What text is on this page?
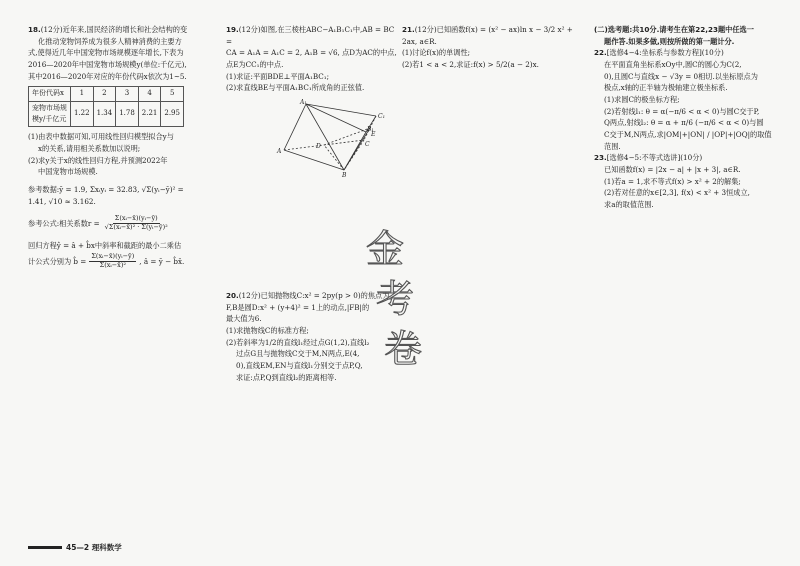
18.(12分)近年来,国民经济的增长和社会结构的变

化推动宠物饲养成为很多人精神消费的主要方

式,使得近几年中国宠物市场规模逐年增长,下表为

2016—2020年中国宠物市场规模y(单位:千亿元),

其中2016—2020年对应的年份代码x依次为1~5.

年份代码x	1	2	3	4	5
宠物市场规
模y/千亿元	1.22	1.34	1.78	2.21	2.95

(1)由表中数据可知,可用线性回归模型拟合y与

x的关系,请用相关系数加以说明;

(2)求y关于x的线性回归方程,并预测2022年

中国宠物市场规模.

参考数据:ȳ = 1.9, Σxᵢyᵢ = 32.83, √Σ(yᵢ−ȳ)² =

1.41, √10 ≈ 3.162.

参考公式:相关系数$r = \frac{\text{Σ(xᵢ−x̄)(yᵢ−ȳ)}}{\text{√Σ(xᵢ−x̄)² · Σ(yᵢ−ȳ)²}}$

回归方程ŷ = â + b̂x中斜率和截距的最小二乘估

计公式分别为 b̂ = $\frac{\text{Σ(xᵢ−x̄)(yᵢ−ȳ)}}{\text{Σ(xᵢ−x̄)²}}$ , â = ȳ − b̂x̄.

19.(12分)如图,在三棱柱ABC−A₁B₁C₁中,AB = BC =

CA = A₁A = A₁C = 2, A₁B = √6, 点D为AC的中点,

点E为CC₁的中点.

(1)求证:平面BDE⊥平面A₁BC₁;

(2)求直线BE与平面A₁BC₁所成角的正弦值.

A₁
C₁
B₁
E
D
A
C
B

20.(12分)已知抛物线C:x² = 2py(p > 0)的焦点为

F,B是圆D:x² + (y+4)² = 1上的动点,|FB|的

最大值为6.

(1)求抛物线C的标准方程;

(2)若斜率为1/2的直线l₁经过点G(1,2),直线l₂

过点G且与抛物线C交于M,N两点,E(4,

0),直线EM,EN与直线l₁分别交于点P,Q,

求证:点P,Q到直线l₂的距离相等.

金
考
卷

21.(12分)已知函数f(x) = (x² − ax)ln x − 3/2 x² +

2ax, a∈R.

(1)讨论f(x)的单调性;

(2)若1 < a < 2,求证:f(x) > 5/2(a − 2)x.

(二)选考题:共10分.请考生在第22,23题中任选一

题作答.如果多做,则按所做的第一题计分.

22.[选修4−4:坐标系与参数方程](10分)

在平面直角坐标系xOy中,圆C的圆心为C(2,

0),且圆C与直线x − √3y = 0相切.以坐标原点为

极点,x轴的正半轴为极轴建立极坐标系.

(1)求圆C的极坐标方程;

(2)若射线l₁: θ = α(−π/6 < α < 0)与圆C交于P,

Q两点,射线l₂: θ = α + π/6 (−π/6 < α < 0)与圆

C交于M,N两点,求|OM|+|ON| / |OP|+|OQ|的取值

范围.

23.[选修4−5:不等式选讲](10分)

已知函数f(x) = |2x − a| + |x + 3|, a∈R.

(1)若a = 1,求不等式f(x) > x² + 2的解集;

(2)若对任意的x∈[2,3], f(x) < x² + 3恒成立,

求a的取值范围.

45—2 理科数学
